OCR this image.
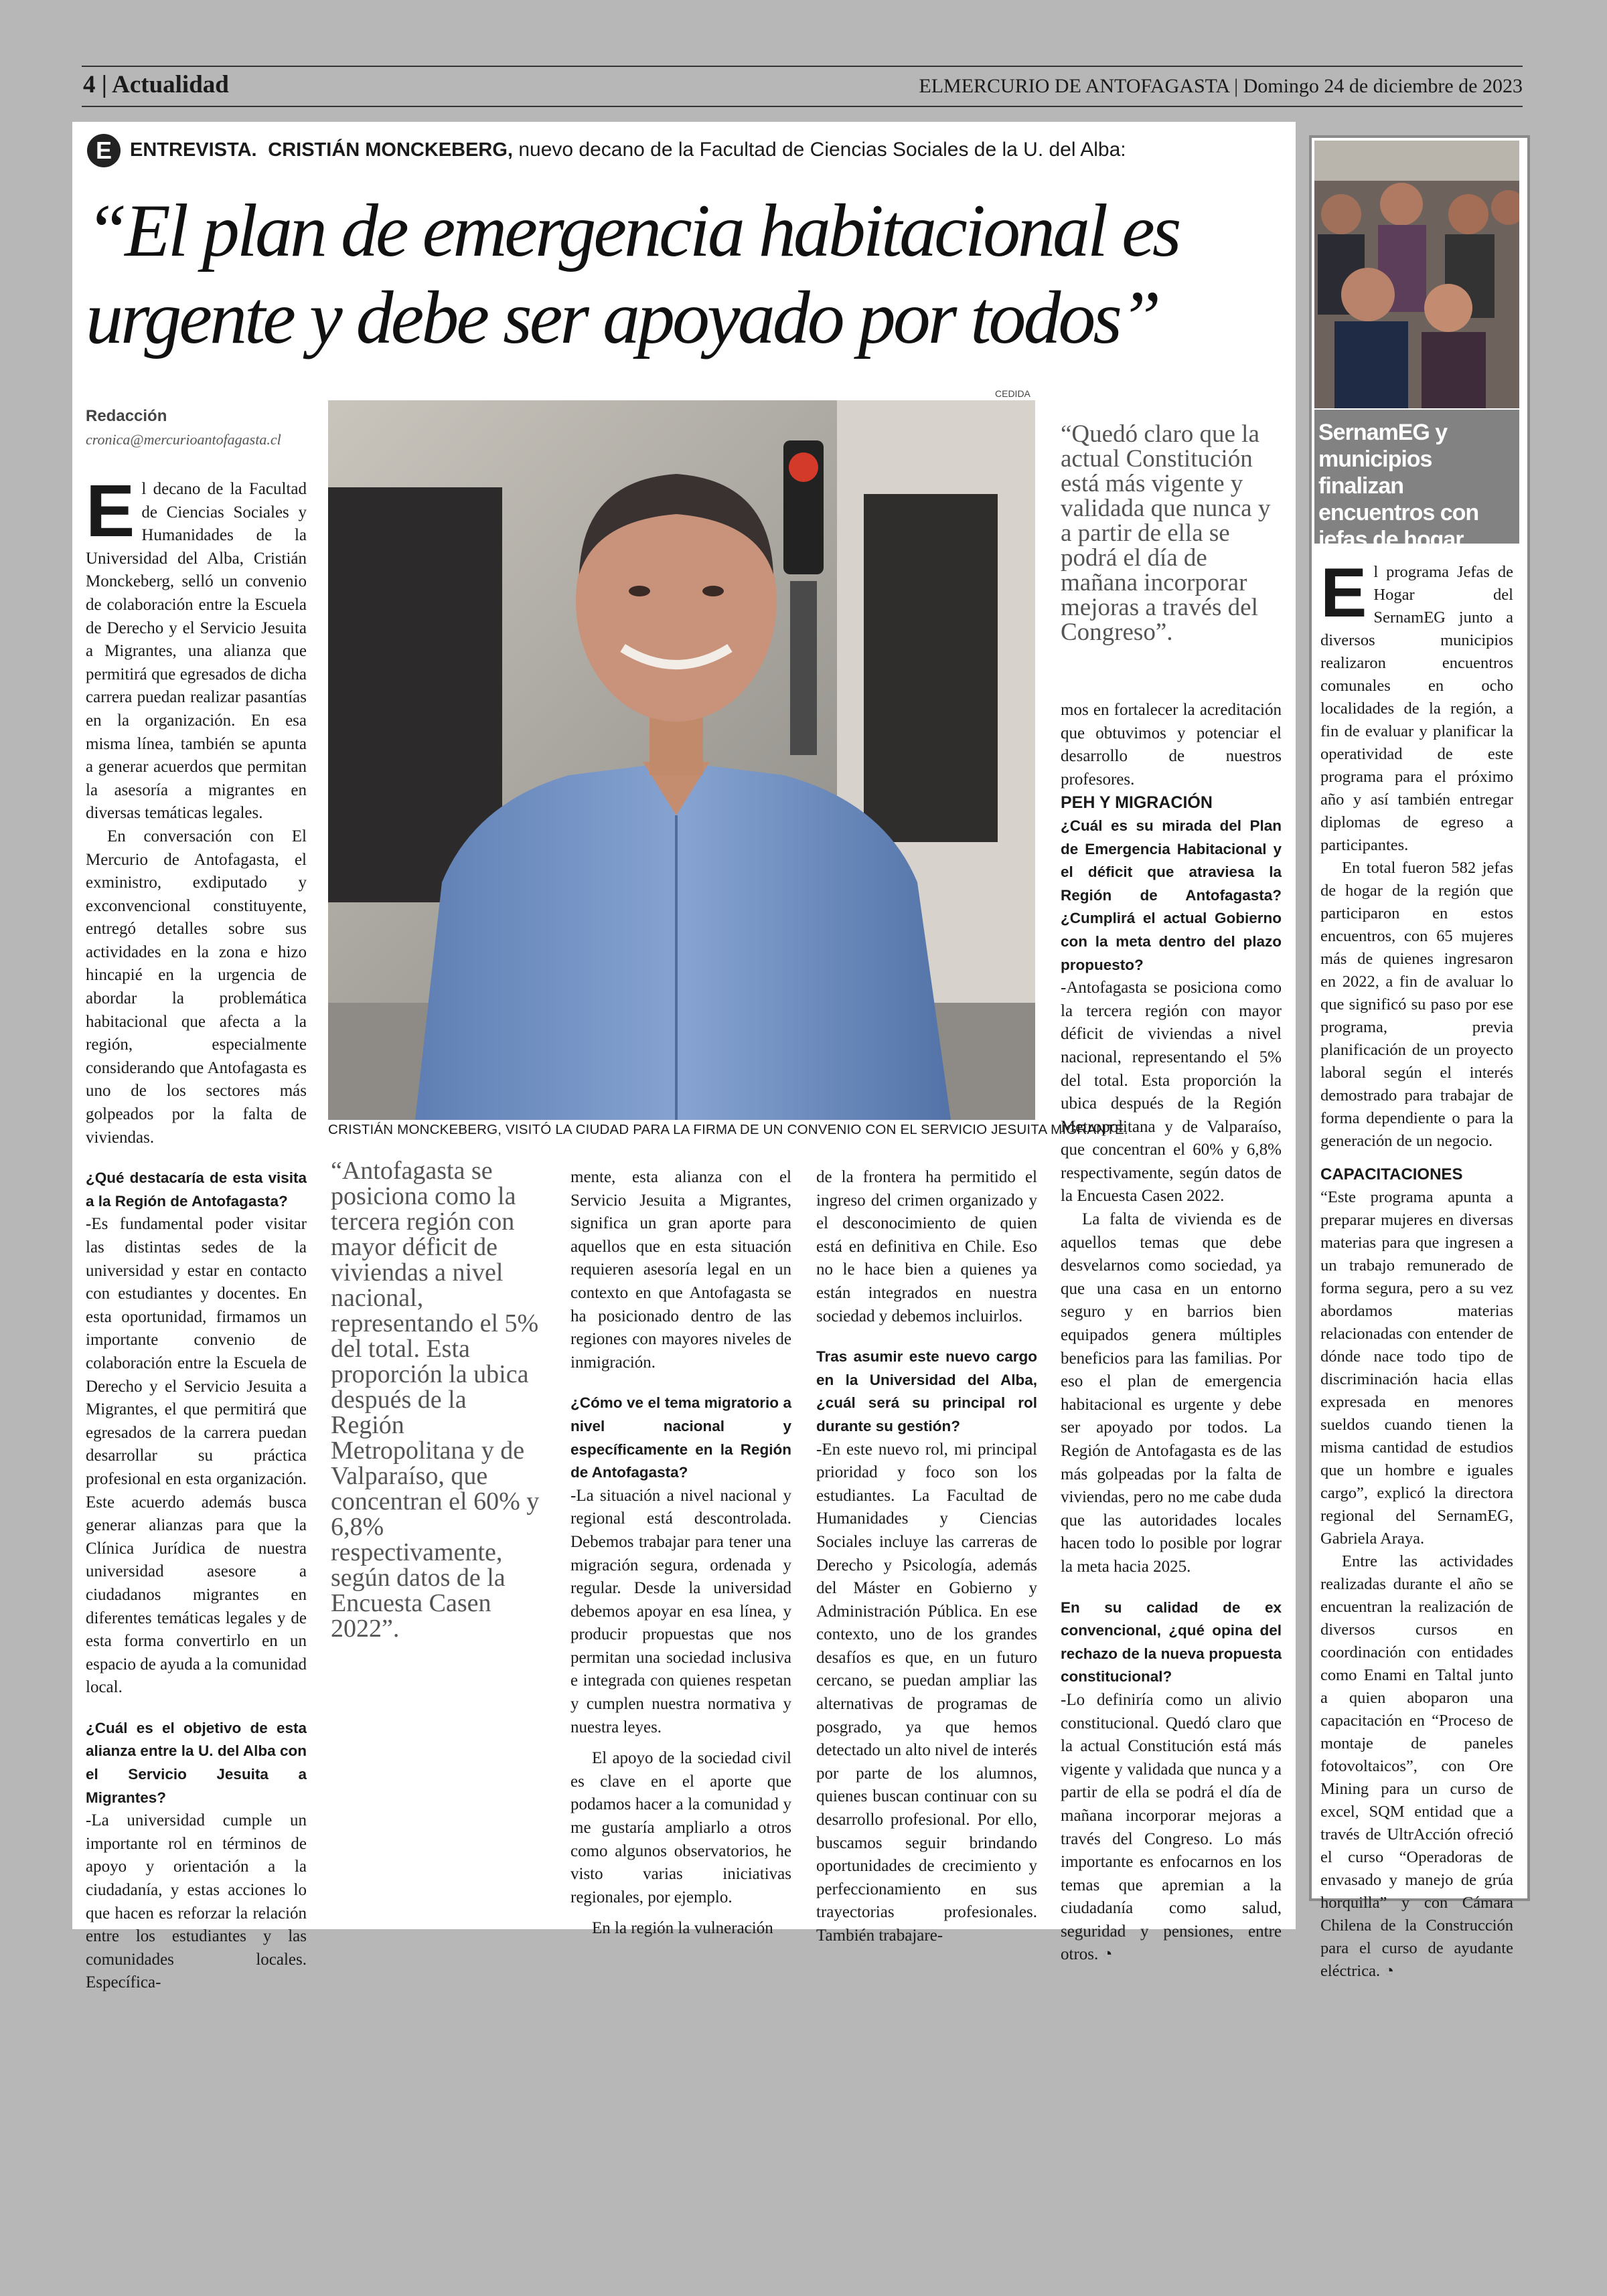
4 | Actualidad	ELMERCURIO DE ANTOFAGASTA | Domingo 24 de diciembre de 2023
E ENTREVISTA. CRISTIÁN MONCKEBERG, nuevo decano de la Facultad de Ciencias Sociales de la U. del Alba:
“El plan de emergencia habitacional es
urgente y debe ser apoyado por todos”
Redacción
cronica@mercurioantofagasta.cl

El decano de la Facultad de Ciencias Sociales y Humanidades de la Universidad del Alba, Cristián Monckeberg, selló un convenio de colaboración entre la Escuela de Derecho y el Servicio Jesuita a Migrantes, una alianza que permitirá que egresados de dicha carrera puedan realizar pasantías en la organización. En esa misma línea, también se apunta a generar acuerdos que permitan la asesoría a migrantes en diversas temáticas legales.

En conversación con El Mercurio de Antofagasta, el exministro, exdiputado y exconvencional constituyente, entregó detalles sobre sus actividades en la zona e hizo hincapié en la urgencia de abordar la problemática habitacional que afecta a la región, especialmente considerando que Antofagasta es uno de los sectores más golpeados por la falta de viviendas.

¿Qué destacaría de esta visita a la Región de Antofagasta?

-Es fundamental poder visitar las distintas sedes de la universidad y estar en contacto con estudiantes y docentes. En esta oportunidad, firmamos un importante convenio de colaboración entre la Escuela de Derecho y el Servicio Jesuita a Migrantes, el que permitirá que egresados de la carrera puedan desarrollar su práctica profesional en esta organización. Este acuerdo además busca generar alianzas para que la Clínica Jurídica de nuestra universidad asesore a ciudadanos migrantes en diferentes temáticas legales y de esta forma convertirlo en un espacio de ayuda a la comunidad local.

¿Cuál es el objetivo de esta alianza entre la U. del Alba con el Servicio Jesuita a Migrantes?

-La universidad cumple un importante rol en términos de apoyo y orientación a la ciudadanía, y estas acciones lo que hacen es reforzar la relación entre los estudiantes y las comunidades locales. Específica-

CEDIDA
CRISTIÁN MONCKEBERG, VISITÓ LA CIUDAD PARA LA FIRMA DE UN CONVENIO CON EL SERVICIO JESUITA MIGRANTE.
“Antofagasta se posiciona como la tercera región con mayor déficit de viviendas a nivel nacional, representando el 5% del total. Esta proporción la ubica después de la Región Metropolitana y de Valparaíso, que concentran el 60% y 6,8% respectivamente, según datos de la Encuesta Casen 2022”.

mente, esta alianza con el Servicio Jesuita a Migrantes, significa un gran aporte para aquellos que en esta situación requieren asesoría legal en un contexto en que Antofagasta se ha posicionado dentro de las regiones con mayores niveles de inmigración.

¿Cómo ve el tema migratorio a nivel nacional y específicamente en la Región de Antofagasta?

-La situación a nivel nacional y regional está descontrolada. Debemos trabajar para tener una migración segura, ordenada y regular. Desde la universidad debemos apoyar en esa línea, y producir propuestas que nos permitan una sociedad inclusiva e integrada con quienes respetan y cumplen nuestra normativa y nuestra leyes.

El apoyo de la sociedad civil es clave en el aporte que podamos hacer a la comunidad y me gustaría ampliarlo a otros como algunos observatorios, he visto varias iniciativas regionales, por ejemplo.

En la región la vulneración

de la frontera ha permitido el ingreso del crimen organizado y el desconocimiento de quien está en definitiva en Chile. Eso no le hace bien a quienes ya están integrados en nuestra sociedad y debemos incluirlos.

Tras asumir este nuevo cargo en la Universidad del Alba, ¿cuál será su principal rol durante su gestión?

-En este nuevo rol, mi principal prioridad y foco son los estudiantes. La Facultad de Humanidades y Ciencias Sociales incluye las carreras de Derecho y Psicología, además del Máster en Gobierno y Administración Pública. En ese contexto, uno de los grandes desafíos es que, en un futuro cercano, se puedan ampliar las alternativas de programas de posgrado, ya que hemos detectado un alto nivel de interés por parte de los alumnos, quienes buscan continuar con su desarrollo profesional. Por ello, buscamos seguir brindando oportunidades de crecimiento y perfeccionamiento en sus trayectorias profesionales. También trabajare-

“Quedó claro que la actual Constitución está más vigente y validada que nunca y a partir de ella se podrá el día de mañana incorporar mejoras a través del Congreso”.

mos en fortalecer la acreditación que obtuvimos y potenciar el desarrollo de nuestros profesores.

PEH Y MIGRACIÓN

¿Cuál es su mirada del Plan de Emergencia Habitacional y el déficit que atraviesa la Región de Antofagasta? ¿Cumplirá el actual Gobierno con la meta dentro del plazo propuesto?

-Antofagasta se posiciona como la tercera región con mayor déficit de viviendas a nivel nacional, representando el 5% del total. Esta proporción la ubica después de la Región Metropolitana y de Valparaíso, que concentran el 60% y 6,8% respectivamente, según datos de la Encuesta Casen 2022.

La falta de vivienda es de aquellos temas que debe desvelarnos como sociedad, ya que una casa en un entorno seguro y en barrios bien equipados genera múltiples beneficios para las familias. Por eso el plan de emergencia habitacional es urgente y debe ser apoyado por todos. La Región de Antofagasta es de las más golpeadas por la falta de viviendas, pero no me cabe duda que las autoridades locales hacen todo lo posible por lograr la meta hacia 2025.

En su calidad de ex convencional, ¿qué opina del rechazo de la nueva propuesta constitucional?

-Lo definiría como un alivio constitucional. Quedó claro que la actual Constitución está más vigente y validada que nunca y a partir de ella se podrá el día de mañana incorporar mejoras a través del Congreso. Lo más importante es enfocarnos en los temas que apremian a la ciudadanía como salud, seguridad y pensiones, entre otros. ◔

SernamEG y municipios finalizan encuentros con jefas de hogar

El programa Jefas de Hogar del SernamEG junto a diversos municipios realizaron encuentros comunales en ocho localidades de la región, a fin de evaluar y planificar la operatividad de este programa para el próximo año y así también entregar diplomas de egreso a participantes.

En total fueron 582 jefas de hogar de la región que participaron en estos encuentros, con 65 mujeres más de quienes ingresaron en 2022, a fin de avaluar lo que significó su paso por ese programa, previa planificación de un proyecto laboral según el interés demostrado para trabajar de forma dependiente o para la generación de un negocio.

CAPACITACIONES

“Este programa apunta a preparar mujeres en diversas materias para que ingresen a un trabajo remunerado de forma segura, pero a su vez abordamos materias relacionadas con entender de dónde nace todo tipo de discriminación hacia ellas expresada en menores sueldos cuando tienen la misma cantidad de estudios que un hombre e iguales cargo”, explicó la directora regional del SernamEG, Gabriela Araya.

Entre las actividades realizadas durante el año se encuentran la realización de diversos cursos en coordinación con entidades como Enami en Taltal junto a quien aboparon una capacitación en “Proceso de montaje de paneles fotovoltaicos”, con Ore Mining para un curso de excel, SQM entidad que a través de UltrAcción ofreció el curso “Operadoras de envasado y manejo de grúa horquilla” y con Cámara Chilena de la Construcción para el curso de ayudante eléctrica. ◔
